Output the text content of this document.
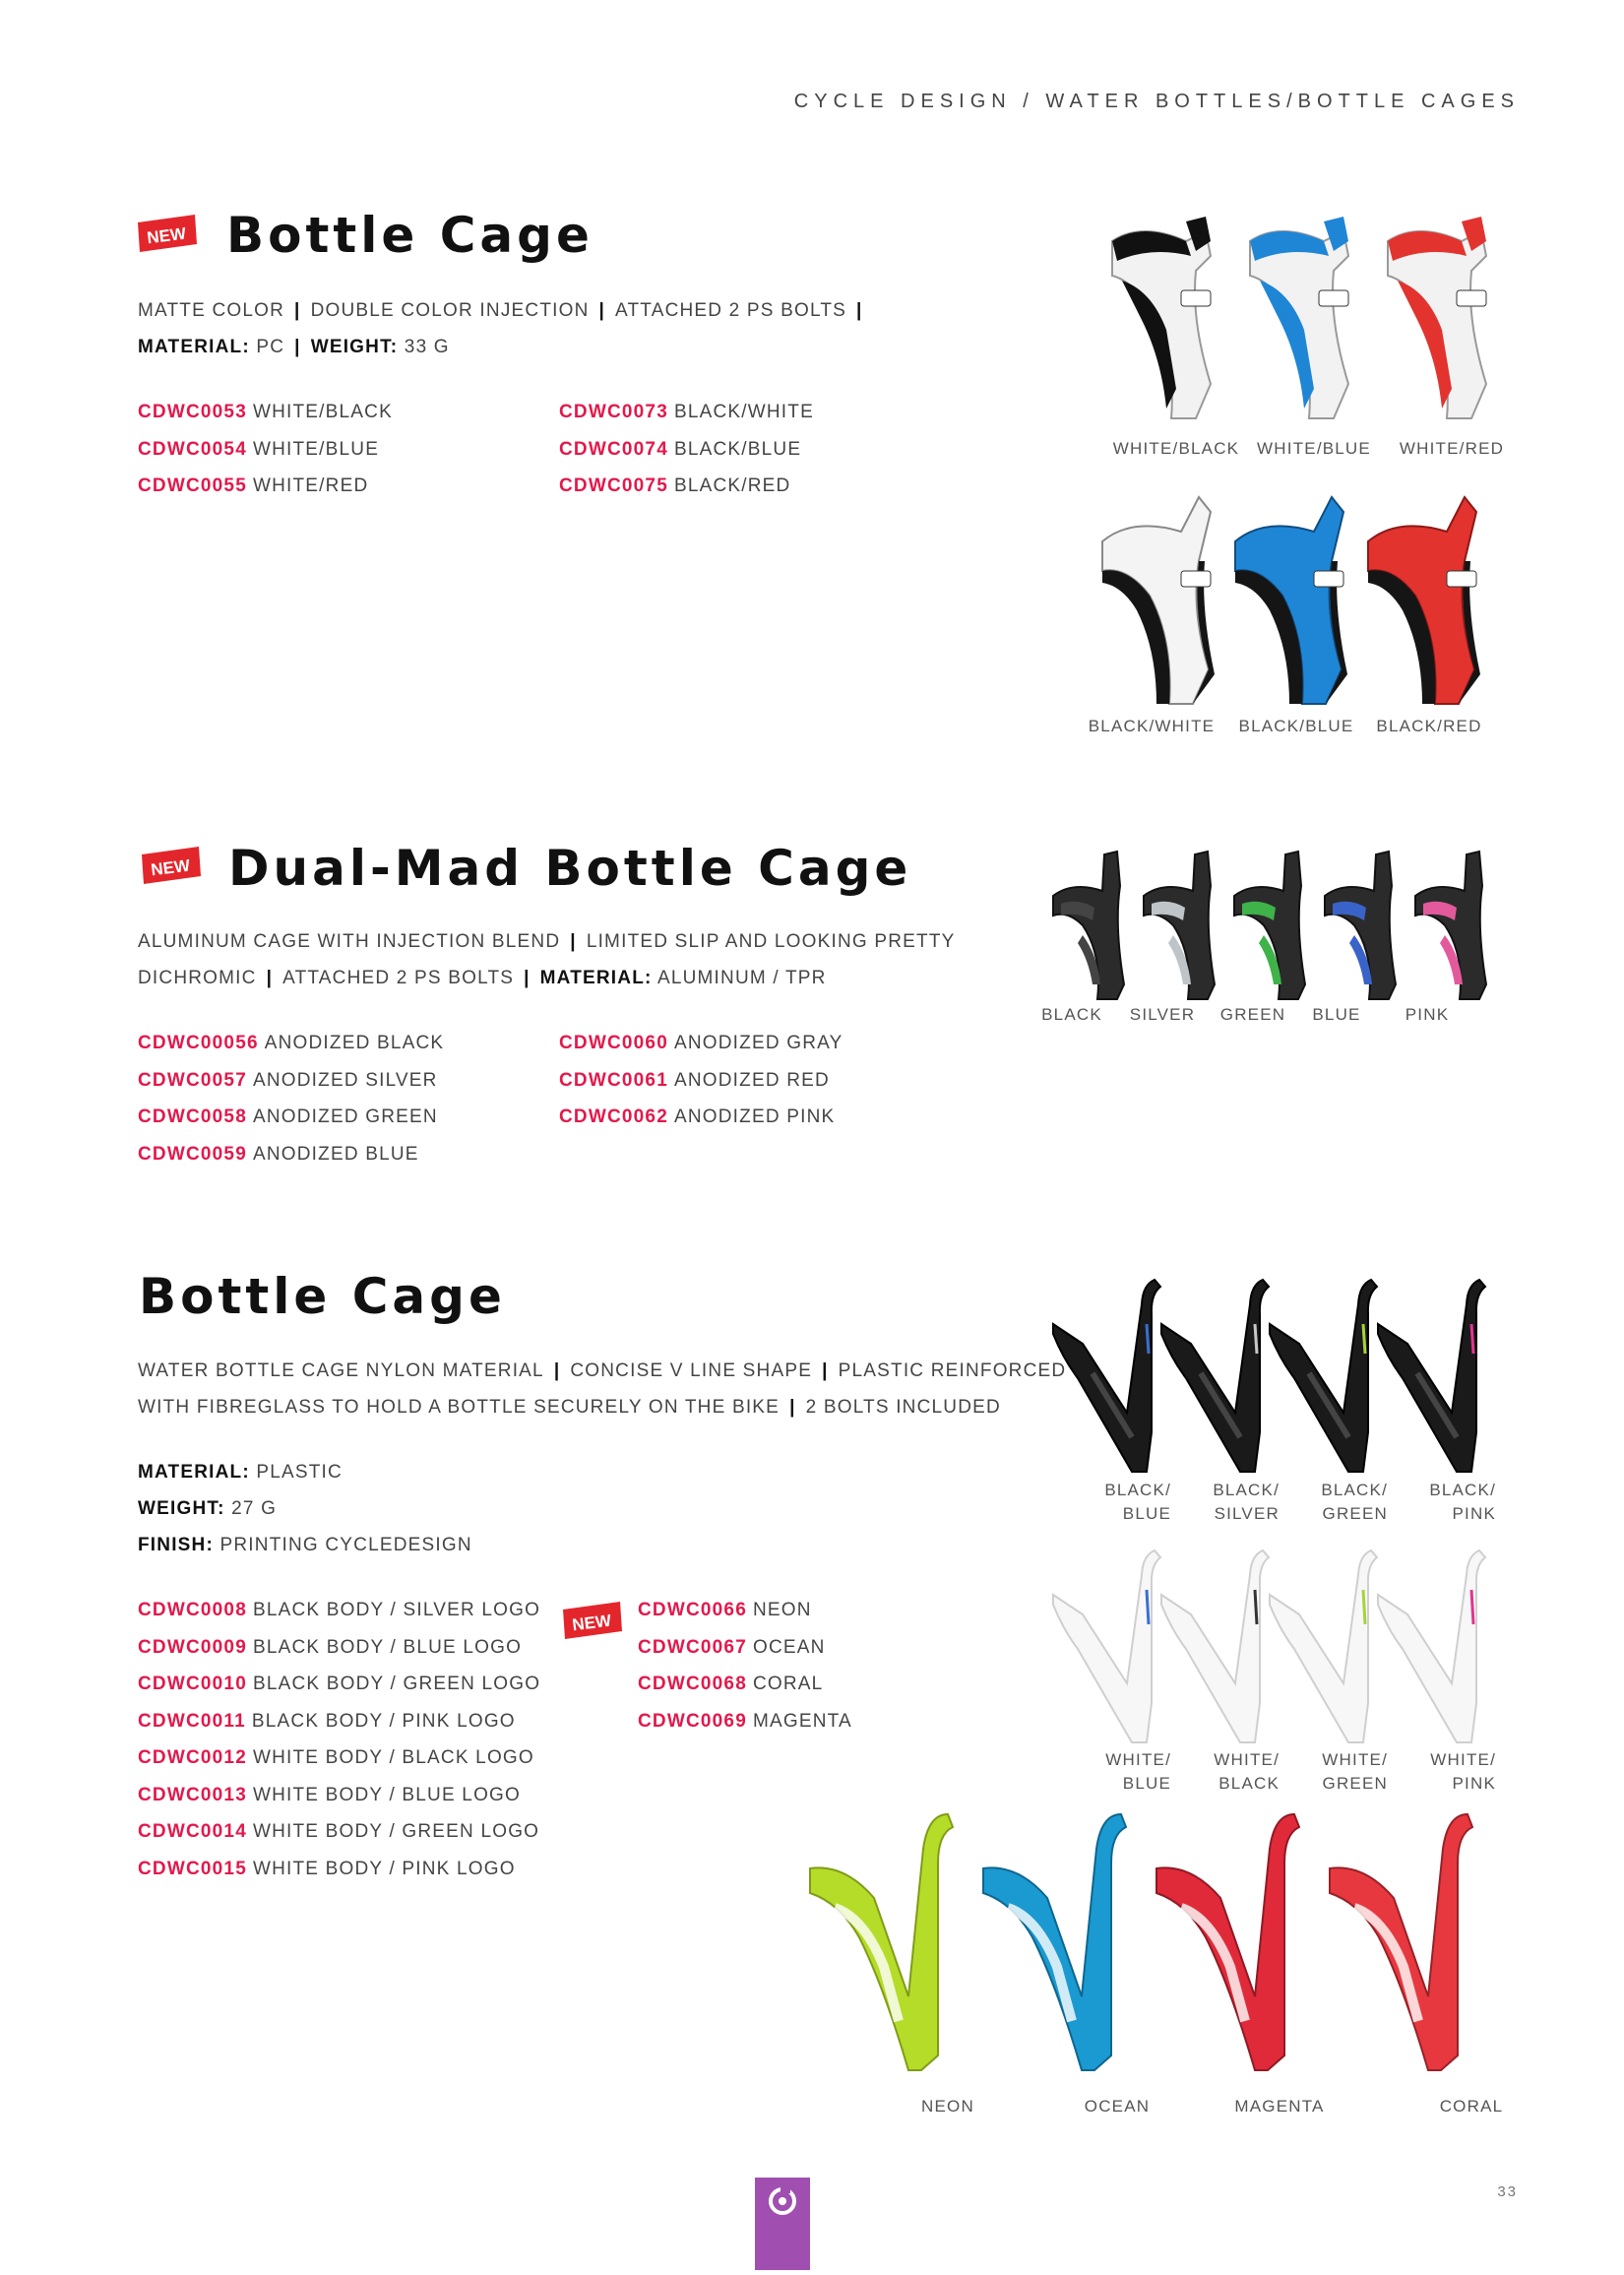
CYCLE DESIGN / WATER BOTTLES/BOTTLE CAGES
NEW Bottle Cage
MATTE COLOR | DOUBLE COLOR INJECTION | ATTACHED 2 PS BOLTS |
MATERIAL: PC | WEIGHT: 33 G
CDWC0053 WHITE/BLACK
CDWC0054 WHITE/BLUE
CDWC0055 WHITE/RED
CDWC0073 BLACK/WHITE
CDWC0074 BLACK/BLUE
CDWC0075 BLACK/RED
WHITE/BLACK	WHITE/BLUE	WHITE/RED
BLACK/WHITE	BLACK/BLUE	BLACK/RED
NEW Dual-Mad Bottle Cage
ALUMINUM CAGE WITH INJECTION BLEND | LIMITED SLIP AND LOOKING PRETTY
DICHROMIC | ATTACHED 2 PS BOLTS | MATERIAL: ALUMINUM / TPR
CDWC00056 ANODIZED BLACK
CDWC0057 ANODIZED SILVER
CDWC0058 ANODIZED GREEN
CDWC0059 ANODIZED BLUE
CDWC0060 ANODIZED GRAY
CDWC0061 ANODIZED RED
CDWC0062 ANODIZED PINK
BLACK	SILVER	GREEN	BLUE	PINK
Bottle Cage
WATER BOTTLE CAGE NYLON MATERIAL | CONCISE V LINE SHAPE | PLASTIC REINFORCED
WITH FIBREGLASS TO HOLD A BOTTLE SECURELY ON THE BIKE | 2 BOLTS INCLUDED
MATERIAL: PLASTIC
WEIGHT: 27 G
FINISH: PRINTING CYCLEDESIGN
CDWC0008 BLACK BODY / SILVER LOGO
CDWC0009 BLACK BODY / BLUE LOGO
CDWC0010 BLACK BODY / GREEN LOGO
CDWC0011 BLACK BODY / PINK LOGO
CDWC0012 WHITE BODY / BLACK LOGO
CDWC0013 WHITE BODY / BLUE LOGO
CDWC0014 WHITE BODY / GREEN LOGO
CDWC0015 WHITE BODY / PINK LOGO
NEW
CDWC0066 NEON
CDWC0067 OCEAN
CDWC0068 CORAL
CDWC0069 MAGENTA
BLACK/
BLUE
BLACK/
SILVER
BLACK/
GREEN
BLACK/
PINK
WHITE/
BLUE
WHITE/
BLACK
WHITE/
GREEN
WHITE/
PINK
NEON	OCEAN	MAGENTA	CORAL
33
